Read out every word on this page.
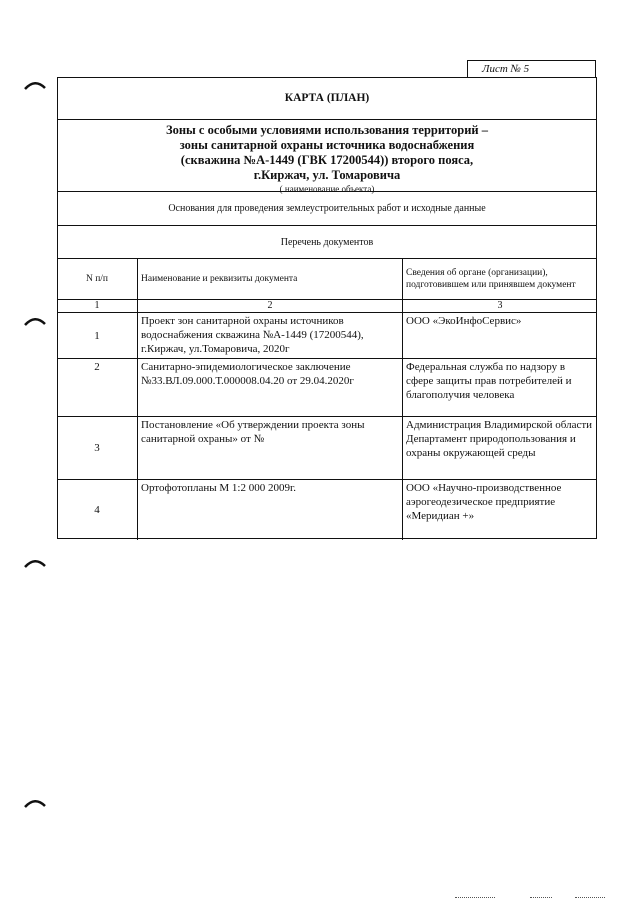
Лист № 5
КАРТА (ПЛАН)
Зоны с особыми условиями использования территорий –
зоны санитарной охраны источника водоснабжения
(скважина №А-1449 (ГВК 17200544)) второго пояса,
г.Киржач, ул. Томаровича
( наименование объекта)
Основания для проведения землеустроительных работ и исходные данные
Перечень документов
N п/п	Наименование и реквизиты документа	Сведения об органе (организации), подготовившем или принявшем документ
1	2	3
1	Проект зон санитарной охраны источников водоснабжения скважина №А-1449 (17200544), г.Киржач, ул.Томаровича, 2020г	ООО «ЭкоИнфоСервис»
2	Санитарно-эпидемиологическое заключение №33.ВЛ.09.000.Т.000008.04.20 от 29.04.2020г	Федеральная служба по надзору в сфере защиты прав потребителей и благополучия человека
3	Постановление «Об утверждении проекта зоны санитарной охраны» от №	Администрация Владимирской области Департамент природопользования и охраны окружающей среды
4	Ортофотопланы М 1:2 000 2009г.	ООО «Научно-производственное аэрогеодезическое предприятие «Меридиан +»
